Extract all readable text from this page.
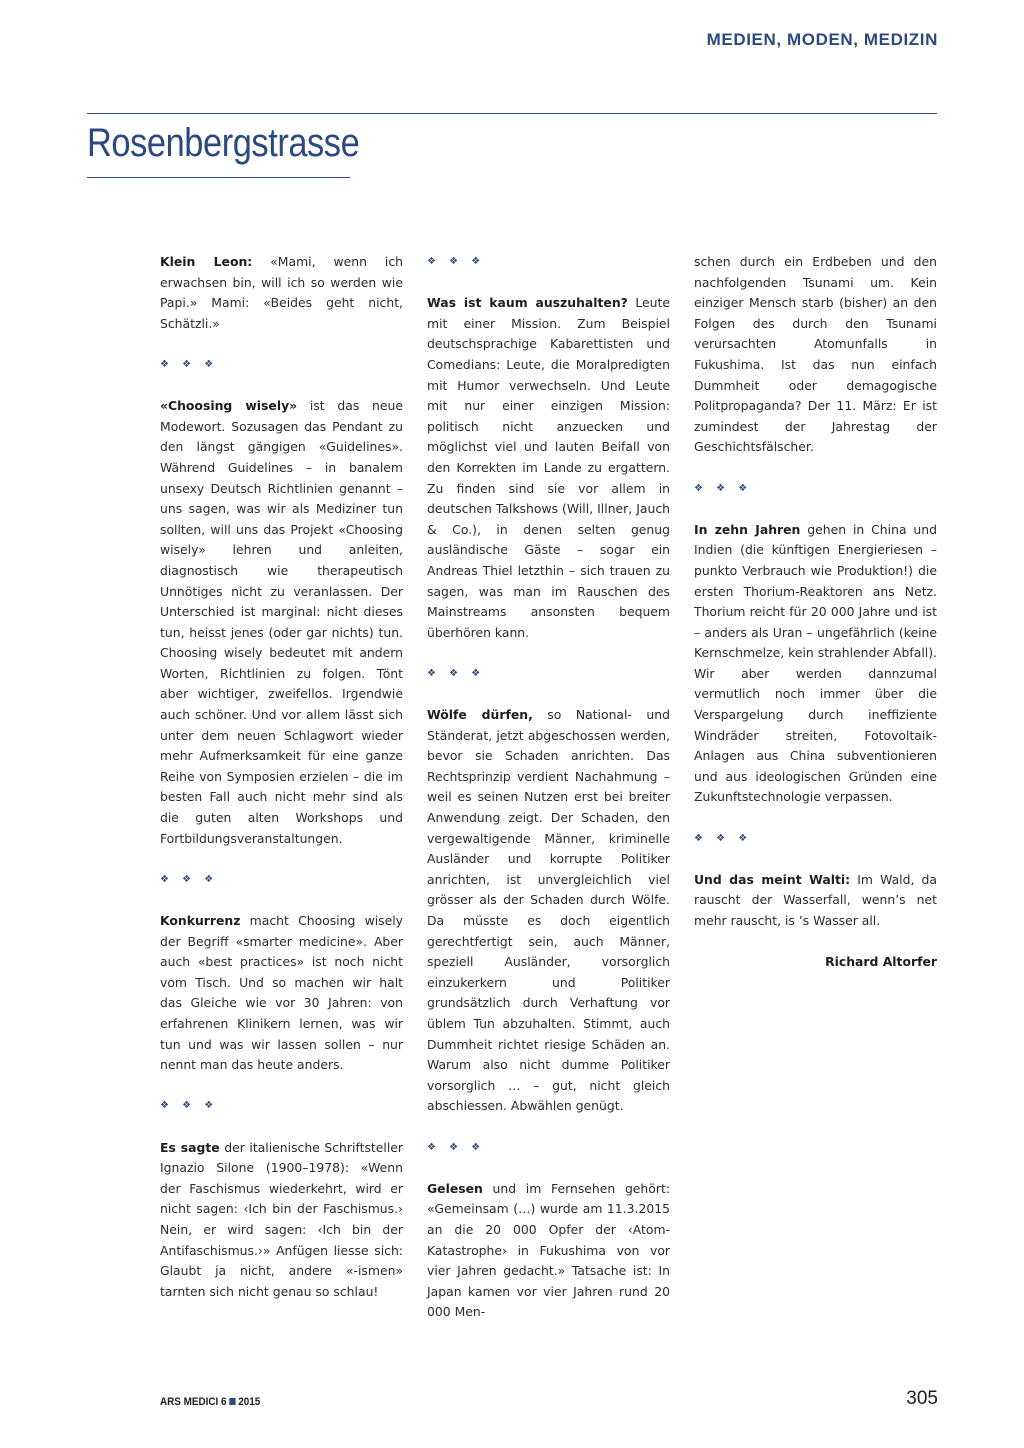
MEDIEN, MODEN, MEDIZIN
Rosenbergstrasse

Klein Leon: «Mami, wenn ich erwachsen bin, will ich so werden wie Papi.» Mami: «Beides geht nicht, Schätzli.»

❖ ❖ ❖

«Choosing wisely» ist das neue Modewort. Sozusagen das Pendant zu den längst gängigen «Guidelines». Während Guidelines – in banalem unsexy Deutsch Richtlinien genannt – uns sagen, was wir als Mediziner tun sollten, will uns das Projekt «Choosing wisely» lehren und anleiten, diagnostisch wie therapeutisch Unnötiges nicht zu veranlassen. Der Unterschied ist marginal: nicht dieses tun, heisst jenes (oder gar nichts) tun. Choosing wisely bedeutet mit andern Worten, Richtlinien zu folgen. Tönt aber wichtiger, zweifellos. Irgendwie auch schöner. Und vor allem lässt sich unter dem neuen Schlagwort wieder mehr Aufmerksamkeit für eine ganze Reihe von Symposien erzielen – die im besten Fall auch nicht mehr sind als die guten alten Workshops und Fortbildungsveranstaltungen.

❖ ❖ ❖

Konkurrenz macht Choosing wisely der Begriff «smarter medicine». Aber auch «best practices» ist noch nicht vom Tisch. Und so machen wir halt das Gleiche wie vor 30 Jahren: von erfahrenen Klinikern lernen, was wir tun und was wir lassen sollen – nur nennt man das heute anders.

❖ ❖ ❖

Es sagte der italienische Schriftsteller Ignazio Silone (1900–1978): «Wenn der Faschismus wiederkehrt, wird er nicht sagen: ‹Ich bin der Faschismus.› Nein, er wird sagen: ‹Ich bin der Antifaschismus.›» Anfügen liesse sich: Glaubt ja nicht, andere «-ismen» tarnten sich nicht genau so schlau!

❖ ❖ ❖

Was ist kaum auszuhalten? Leute mit einer Mission. Zum Beispiel deutschsprachige Kabarettisten und Comedians: Leute, die Moralpredigten mit Humor verwechseln. Und Leute mit nur einer einzigen Mission: politisch nicht anzuecken und möglichst viel und lauten Beifall von den Korrekten im Lande zu ergattern. Zu finden sind sie vor allem in deutschen Talkshows (Will, Illner, Jauch & Co.), in denen selten genug ausländische Gäste – sogar ein Andreas Thiel letzthin – sich trauen zu sagen, was man im Rauschen des Mainstreams ansonsten bequem überhören kann.

❖ ❖ ❖

Wölfe dürfen, so National- und Ständerat, jetzt abgeschossen werden, bevor sie Schaden anrichten. Das Rechtsprinzip verdient Nachahmung – weil es seinen Nutzen erst bei breiter Anwendung zeigt. Der Schaden, den vergewaltigende Männer, kriminelle Ausländer und korrupte Politiker anrichten, ist unvergleichlich viel grösser als der Schaden durch Wölfe. Da müsste es doch eigentlich gerechtfertigt sein, auch Männer, speziell Ausländer, vorsorglich einzukerkern und Politiker grundsätzlich durch Verhaftung vor üblem Tun abzuhalten. Stimmt, auch Dummheit richtet riesige Schäden an. Warum also nicht dumme Politiker vorsorglich … – gut, nicht gleich abschiessen. Abwählen genügt.

❖ ❖ ❖

Gelesen und im Fernsehen gehört: «Gemeinsam (…) wurde am 11.3.2015 an die 20 000 Opfer der ‹Atom-Katastrophe› in Fukushima von vor vier Jahren gedacht.» Tatsache ist: In Japan kamen vor vier Jahren rund 20 000 Men-

schen durch ein Erdbeben und den nachfolgenden Tsunami um. Kein einziger Mensch starb (bisher) an den Folgen des durch den Tsunami verursachten Atomunfalls in Fukushima. Ist das nun einfach Dummheit oder demagogische Politpropaganda? Der 11. März: Er ist zumindest der Jahrestag der Geschichtsfälscher.

❖ ❖ ❖

In zehn Jahren gehen in China und Indien (die künftigen Energieriesen – punkto Verbrauch wie Produktion!) die ersten Thorium-Reaktoren ans Netz. Thorium reicht für 20 000 Jahre und ist – anders als Uran – ungefährlich (keine Kernschmelze, kein strahlender Abfall). Wir aber werden dannzumal vermutlich noch immer über die Verspargelung durch ineffiziente Windräder streiten, Fotovoltaik-Anlagen aus China subventionieren und aus ideologischen Gründen eine Zukunftstechnologie verpassen.

❖ ❖ ❖

Und das meint Walti: Im Wald, da rauscht der Wasserfall, wenn’s net mehr rauscht, is ’s Wasser all.

Richard Altorfer

ARS MEDICI 6 2015	305
